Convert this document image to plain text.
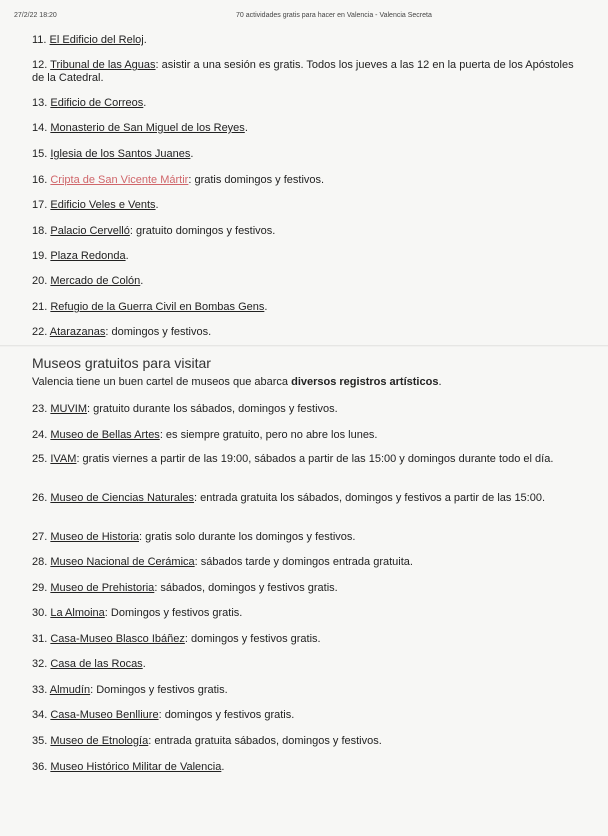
27/2/22 18:20	70 actividades gratis para hacer en Valencia - Valencia Secreta
11. El Edificio del Reloj.
12. Tribunal de las Aguas: asistir a una sesión es gratis. Todos los jueves a las 12 en la puerta de los Apóstoles de la Catedral.
13. Edificio de Correos.
14. Monasterio de San Miguel de los Reyes.
15. Iglesia de los Santos Juanes.
16. Cripta de San Vicente Mártir: gratis domingos y festivos.
17. Edificio Veles e Vents.
18. Palacio Cervelló: gratuito domingos y festivos.
19. Plaza Redonda.
20. Mercado de Colón.
21. Refugio de la Guerra Civil en Bombas Gens.
22. Atarazanas: domingos y festivos.
Museos gratuitos para visitar
Valencia tiene un buen cartel de museos que abarca diversos registros artísticos.
23. MUVIM: gratuito durante los sábados, domingos y festivos.
24. Museo de Bellas Artes: es siempre gratuito, pero no abre los lunes.
25. IVAM: gratis viernes a partir de las 19:00, sábados a partir de las 15:00 y domingos durante todo el día.
26. Museo de Ciencias Naturales: entrada gratuita los sábados, domingos y festivos a partir de las 15:00.
27. Museo de Historia: gratis solo durante los domingos y festivos.
28. Museo Nacional de Cerámica: sábados tarde y domingos entrada gratuita.
29. Museo de Prehistoria: sábados, domingos y festivos gratis.
30. La Almoina: Domingos y festivos gratis.
31. Casa-Museo Blasco Ibáñez: domingos y festivos gratis.
32. Casa de las Rocas.
33. Almudín: Domingos y festivos gratis.
34. Casa-Museo Benlliure: domingos y festivos gratis.
35. Museo de Etnología: entrada gratuita sábados, domingos y festivos.
36. Museo Histórico Militar de Valencia.
